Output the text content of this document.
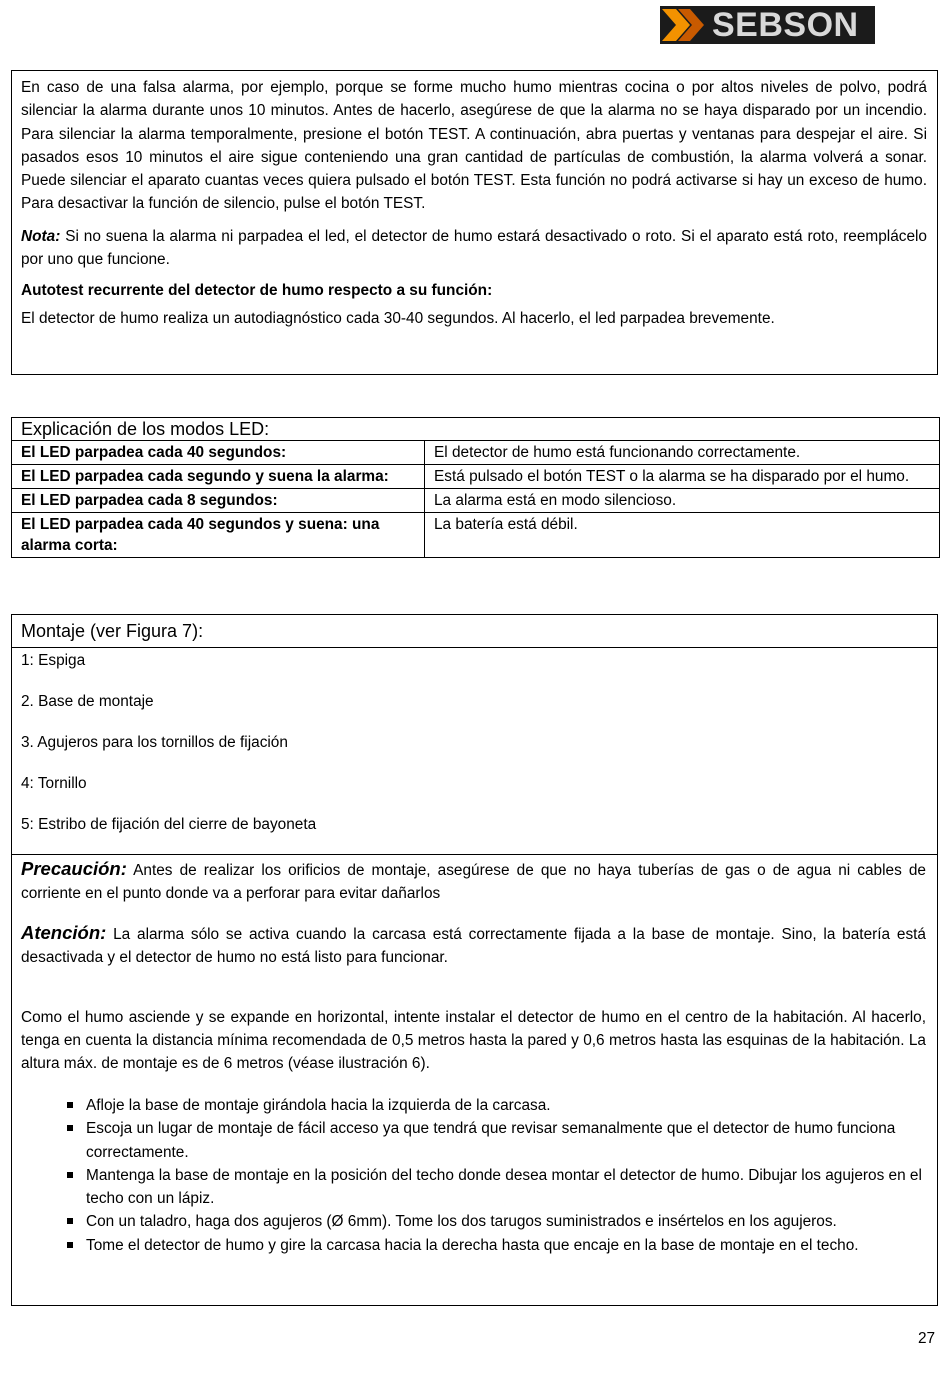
SEBSON

En caso de una falsa alarma, por ejemplo, porque se forme mucho humo mientras cocina o por altos niveles de polvo, podrá silenciar la alarma durante unos 10 minutos. Antes de hacerlo, asegúrese de que la alarma no se haya disparado por un incendio. Para silenciar la alarma temporalmente, presione el botón TEST. A continuación, abra puertas y ventanas para despejar el aire. Si pasados esos 10 minutos el aire sigue conteniendo una gran cantidad de partículas de combustión, la alarma volverá a sonar. Puede silenciar el aparato cuantas veces quiera pulsado el botón TEST. Esta función no podrá activarse si hay un exceso de humo. Para desactivar la función de silencio, pulse el botón TEST.

Nota: Si no suena la alarma ni parpadea el led, el detector de humo estará desactivado o roto. Si el aparato está roto, reemplácelo por uno que funcione.

Autotest recurrente del detector de humo respecto a su función:

El detector de humo realiza un autodiagnóstico cada 30-40 segundos. Al hacerlo, el led parpadea brevemente.

Explicación de los modos LED:	
El LED parpadea cada 40 segundos:	El detector de humo está funcionando correctamente.
El LED parpadea cada segundo y suena la alarma:	Está pulsado el botón TEST o la alarma se ha disparado por el humo.
El LED parpadea cada 8 segundos:	La alarma está en modo silencioso.
El LED parpadea cada 40 segundos y suena: una alarma corta:	La batería está débil.
Montaje (ver Figura 7):
1: Espiga
2. Base de montaje
3. Agujeros para los tornillos de fijación
4: Tornillo
5: Estribo de fijación del cierre de bayoneta
Precaución: Antes de realizar los orificios de montaje, asegúrese de que no haya tuberías de gas o de agua ni cables de corriente en el punto donde va a perforar para evitar dañarlos
Atención: La alarma sólo se activa cuando la carcasa está correctamente fijada a la base de montaje. Sino, la batería está desactivada y el detector de humo no está listo para funcionar.
Como el humo asciende y se expande en horizontal, intente instalar el detector de humo en el centro de la habitación. Al hacerlo, tenga en cuenta la distancia mínima recomendada de 0,5 metros hasta la pared y 0,6 metros hasta las esquinas de la habitación. La altura máx. de montaje es de 6 metros (véase ilustración 6).
Afloje la base de montaje girándola hacia la izquierda de la carcasa.
Escoja un lugar de montaje de fácil acceso ya que tendrá que revisar semanalmente que el detector de humo funciona correctamente.
Mantenga la base de montaje en la posición del techo donde desea montar el detector de humo. Dibujar los agujeros en el techo con un lápiz.
Con un taladro, haga dos agujeros (Ø 6mm). Tome los dos tarugos suministrados e insértelos en los agujeros.
Tome el detector de humo y gire la carcasa hacia la derecha hasta que encaje en la base de montaje en el techo.
27
